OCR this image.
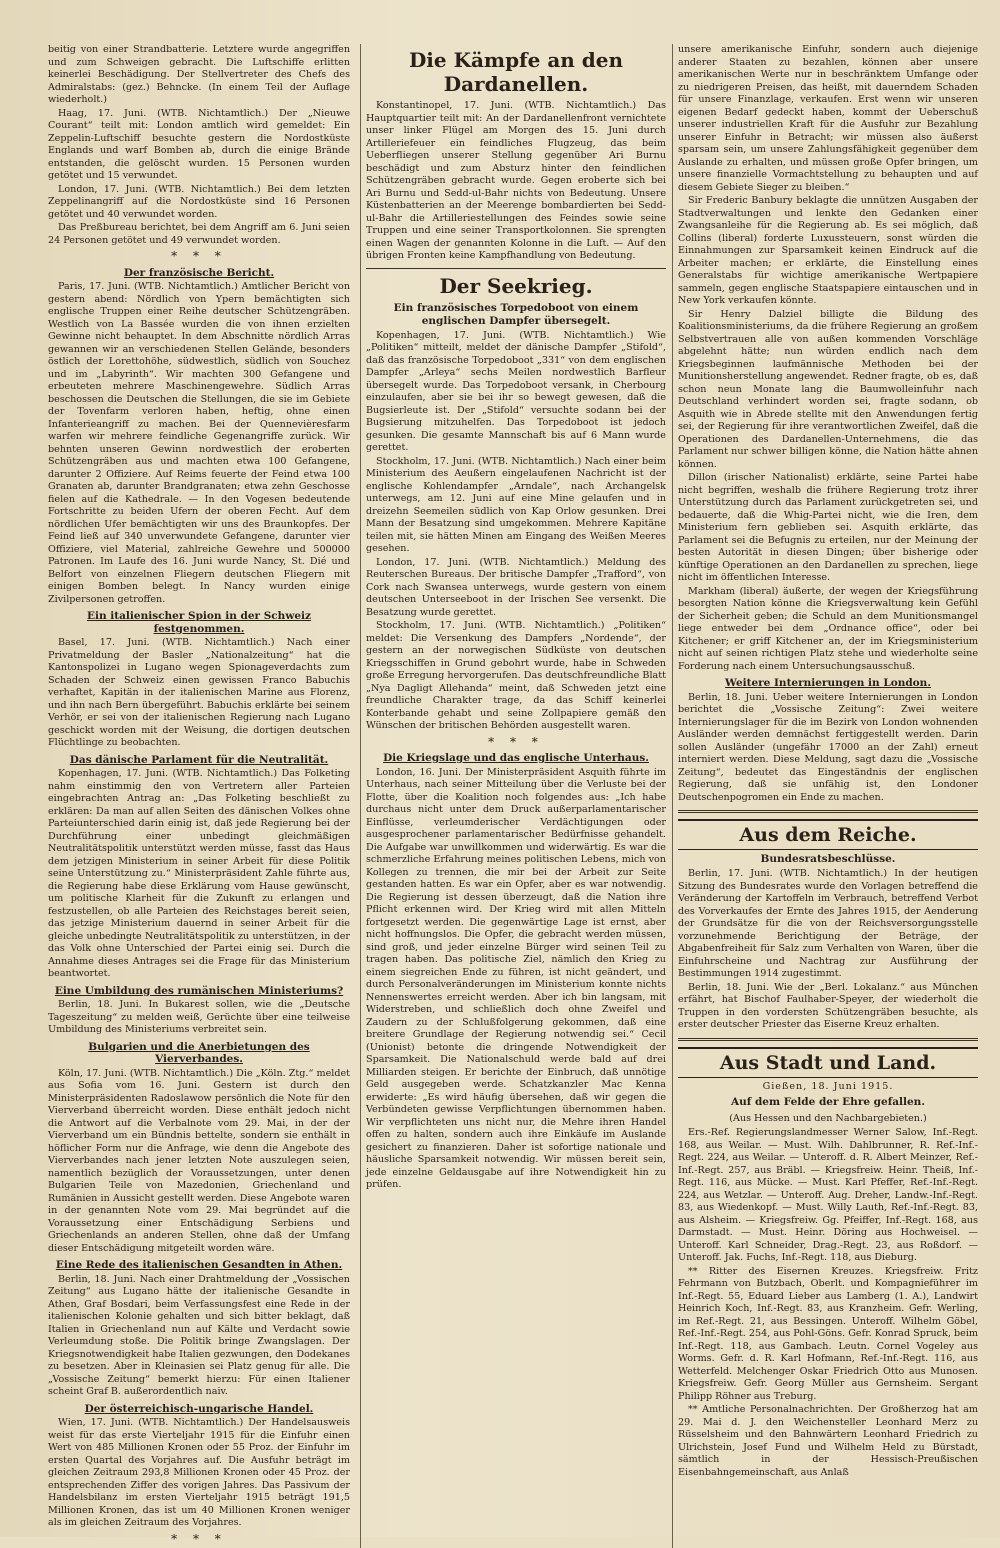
beitig von einer Strandbatterie. Letztere wurde angegriffen und zum Schweigen gebracht. Die Luftschiffe erlitten keinerlei Beschädigung. Der Stellvertreter des Chefs des Admiralstabs: (gez.) Behncke. (In einem Teil der Auflage wiederholt.)

Haag, 17. Juni. (WTB. Nichtamtlich.) Der „Nieuwe Courant“ teilt mit: London amtlich wird gemeldet: Ein Zeppelin-Luftschiff besuchte gestern die Nordostküste Englands und warf Bomben ab, durch die einige Brände entstanden, die gelöscht wurden. 15 Personen wurden getötet und 15 verwundet.

London, 17. Juni. (WTB. Nichtamtlich.) Bei dem letzten Zeppelinangriff auf die Nordostküste sind 16 Personen getötet und 40 verwundet worden.

Das Preßbureau berichtet, bei dem Angriff am 6. Juni seien 24 Personen getötet und 49 verwundet worden.

* * *
Der französische Bericht.

Paris, 17. Juni. (WTB. Nichtamtlich.) Amtlicher Bericht von gestern abend: Nördlich von Ypern bemächtigten sich englische Truppen einer Reihe deutscher Schützengräben. Westlich von La Bassée wurden die von ihnen erzielten Gewinne nicht behauptet. In dem Abschnitte nördlich Arras gewannen wir an verschiedenen Stellen Gelände, besonders östlich der Lorettohöhe, südwestlich, südlich von Souchez und im „Labyrinth“. Wir machten 300 Gefangene und erbeuteten mehrere Maschinengewehre. Südlich Arras beschossen die Deutschen die Stellungen, die sie im Gebiete der Tovenfarm verloren haben, heftig, ohne einen Infanterieangriff zu machen. Bei der Quennevièresfarm warfen wir mehrere feindliche Gegenangriffe zurück. Wir behnten unseren Gewinn nordwestlich der eroberten Schützengräben aus und machten etwa 100 Gefangene, darunter 2 Offiziere. Auf Reims feuerte der Feind etwa 100 Granaten ab, darunter Brandgranaten; etwa zehn Geschosse fielen auf die Kathedrale. — In den Vogesen bedeutende Fortschritte zu beiden Ufern der oberen Fecht. Auf dem nördlichen Ufer bemächtigten wir uns des Braunkopfes. Der Feind ließ auf 340 unverwundete Gefangene, darunter vier Offiziere, viel Material, zahlreiche Gewehre und 500000 Patronen. Im Laufe des 16. Juni wurde Nancy, St. Dié und Belfort von einzelnen Fliegern deutschen Fliegern mit einigen Bomben belegt. In Nancy wurden einige Zivilpersonen getroffen.

Ein italienischer Spion in der Schweiz festgenommen.

Basel, 17. Juni. (WTB. Nichtamtlich.) Nach einer Privatmeldung der Basler „Nationalzeitung“ hat die Kantonspolizei in Lugano wegen Spionageverdachts zum Schaden der Schweiz einen gewissen Franco Babuchis verhaftet, Kapitän in der italienischen Marine aus Florenz, und ihn nach Bern übergeführt. Babuchis erklärte bei seinem Verhör, er sei von der italienischen Regierung nach Lugano geschickt worden mit der Weisung, die dortigen deutschen Flüchtlinge zu beobachten.

Das dänische Parlament für die Neutralität.

Kopenhagen, 17. Juni. (WTB. Nichtamtlich.) Das Folketing nahm einstimmig den von Vertretern aller Parteien eingebrachten Antrag an: „Das Folketing beschließt zu erklären: Da man auf allen Seiten des dänischen Volkes ohne Parteiunterschied darin einig ist, daß jede Regierung bei der Durchführung einer unbedingt gleichmäßigen Neutralitätspolitik unterstützt werden müsse, fasst das Haus dem jetzigen Ministerium in seiner Arbeit für diese Politik seine Unterstützung zu.“ Ministerpräsident Zahle führte aus, die Regierung habe diese Erklärung vom Hause gewünscht, um politische Klarheit für die Zukunft zu erlangen und festzustellen, ob alle Parteien des Reichstages bereit seien, das jetzige Ministerium dauernd in seiner Arbeit für die gleiche unbedingte Neutralitätspolitik zu unterstützen, in der das Volk ohne Unterschied der Partei einig sei. Durch die Annahme dieses Antrages sei die Frage für das Ministerium beantwortet.

Eine Umbildung des rumänischen Ministeriums?

Berlin, 18. Juni. In Bukarest sollen, wie die „Deutsche Tageszeitung“ zu melden weiß, Gerüchte über eine teilweise Umbildung des Ministeriums verbreitet sein.

Bulgarien und die Anerbietungen des Vierverbandes.

Köln, 17. Juni. (WTB. Nichtamtlich.) Die „Köln. Ztg.“ meldet aus Sofia vom 16. Juni. Gestern ist durch den Ministerpräsidenten Radoslawow persönlich die Note für den Vierverband überreicht worden. Diese enthält jedoch nicht die Antwort auf die Verbalnote vom 29. Mai, in der der Vierverband um ein Bündnis bettelte, sondern sie enthält in höflicher Form nur die Anfrage, wie denn die Angebote des Vierverbandes nach jener letzten Note auszulegen seien, namentlich bezüglich der Voraussetzungen, unter denen Bulgarien Teile von Mazedonien, Griechenland und Rumänien in Aussicht gestellt werden. Diese Angebote waren in der genannten Note vom 29. Mai begründet auf die Voraussetzung einer Entschädigung Serbiens und Griechenlands an anderen Stellen, ohne daß der Umfang dieser Entschädigung mitgeteilt worden wäre.

Eine Rede des italienischen Gesandten in Athen.

Berlin, 18. Juni. Nach einer Drahtmeldung der „Vossischen Zeitung“ aus Lugano hätte der italienische Gesandte in Athen, Graf Bosdari, beim Verfassungsfest eine Rede in der italienischen Kolonie gehalten und sich bitter beklagt, daß Italien in Griechenland nun auf Kälte und Verdacht sowie Verleumdung stoße. Die Politik bringe Zwangslagen. Der Kriegsnotwendigkeit habe Italien gezwungen, den Dodekanes zu besetzen. Aber in Kleinasien sei Platz genug für alle. Die „Vossische Zeitung“ bemerkt hierzu: Für einen Italiener scheint Graf B. außerordentlich naiv.

Der österreichisch-ungarische Handel.

Wien, 17. Juni. (WTB. Nichtamtlich.) Der Handelsausweis weist für das erste Vierteljahr 1915 für die Einfuhr einen Wert von 485 Millionen Kronen oder 55 Proz. der Einfuhr im ersten Quartal des Vorjahres auf. Die Ausfuhr beträgt im gleichen Zeitraum 293,8 Millionen Kronen oder 45 Proz. der entsprechenden Ziffer des vorigen Jahres. Das Passivum der Handelsbilanz im ersten Vierteljahr 1915 beträgt 191,5 Millionen Kronen, das ist um 40 Millionen Kronen weniger als im gleichen Zeitraum des Vorjahres.

* * *
Die Kämpfe an den Dardanellen.

Konstantinopel, 17. Juni. (WTB. Nichtamtlich.) Das Hauptquartier teilt mit: An der Dardanellenfront vernichtete unser linker Flügel am Morgen des 15. Juni durch Artilleriefeuer ein feindliches Flugzeug, das beim Ueberfliegen unserer Stellung gegenüber Ari Burnu beschädigt und zum Absturz hinter den feindlichen Schützengräben gebracht wurde. Gegen eroberte sich bei Ari Burnu und Sedd-ul-Bahr nichts von Bedeutung. Unsere Küstenbatterien an der Meerenge bombardierten bei Sedd-ul-Bahr die Artilleriestellungen des Feindes sowie seine Truppen und eine seiner Transportkolonnen. Sie sprengten einen Wagen der genannten Kolonne in die Luft. — Auf den übrigen Fronten keine Kampfhandlung von Bedeutung.

Der Seekrieg.
Ein französisches Torpedoboot von einem englischen Dampfer übersegelt.

Kopenhagen, 17. Juni. (WTB. Nichtamtlich.) Wie „Politiken“ mitteilt, meldet der dänische Dampfer „Stifold“, daß das französische Torpedoboot „331“ von dem englischen Dampfer „Arleya“ sechs Meilen nordwestlich Barfleur übersegelt wurde. Das Torpedoboot versank, in Cherbourg einzulaufen, aber sie bei ihr so bewegt gewesen, daß die Bugsierleute ist. Der „Stifold“ versuchte sodann bei der Bugsierung mitzuhelfen. Das Torpedoboot ist jedoch gesunken. Die gesamte Mannschaft bis auf 6 Mann wurde gerettet.

Stockholm, 17. Juni. (WTB. Nichtamtlich.) Nach einer beim Ministerium des Aeußern eingelaufenen Nachricht ist der englische Kohlendampfer „Arndale“, nach Archangelsk unterwegs, am 12. Juni auf eine Mine gelaufen und in dreizehn Seemeilen südlich von Kap Orlow gesunken. Drei Mann der Besatzung sind umgekommen. Mehrere Kapitäne teilen mit, sie hätten Minen am Eingang des Weißen Meeres gesehen.

London, 17. Juni. (WTB. Nichtamtlich.) Meldung des Reuterschen Bureaus. Der britische Dampfer „Trafford“, von Cork nach Swansea unterwegs, wurde gestern von einem deutschen Unterseeboot in der Irischen See versenkt. Die Besatzung wurde gerettet.

Stockholm, 17. Juni. (WTB. Nichtamtlich.) „Politiken“ meldet: Die Versenkung des Dampfers „Nordende“, der gestern an der norwegischen Südküste von deutschen Kriegsschiffen in Grund gebohrt wurde, habe in Schweden große Erregung hervorgerufen. Das deutschfreundliche Blatt „Nya Dagligt Allehanda“ meint, daß Schweden jetzt eine freundliche Charakter trage, da das Schiff keinerlei Konterbande gehabt und seine Zollpapiere gemäß den Wünschen der britischen Behörden ausgestellt waren.

* * *
Die Kriegslage und das englische Unterhaus.

London, 16. Juni. Der Ministerpräsident Asquith führte im Unterhaus, nach seiner Mitteilung über die Verluste bei der Flotte, über die Koalition noch folgendes aus: „Ich habe durchaus nicht unter dem Druck außerparlamentarischer Einflüsse, verleumderischer Verdächtigungen oder ausgesprochener parlamentarischer Bedürfnisse gehandelt. Die Aufgabe war unwillkommen und widerwärtig. Es war die schmerzliche Erfahrung meines politischen Lebens, mich von Kollegen zu trennen, die mir bei der Arbeit zur Seite gestanden hatten. Es war ein Opfer, aber es war notwendig. Die Regierung ist dessen überzeugt, daß die Nation ihre Pflicht erkennen wird. Der Krieg wird mit allen Mitteln fortgesetzt werden. Die gegenwärtige Lage ist ernst, aber nicht hoffnungslos. Die Opfer, die gebracht werden müssen, sind groß, und jeder einzelne Bürger wird seinen Teil zu tragen haben. Das politische Ziel, nämlich den Krieg zu einem siegreichen Ende zu führen, ist nicht geändert, und durch Personalveränderungen im Ministerium konnte nichts Nennenswertes erreicht werden. Aber ich bin langsam, mit Widerstreben, und schließlich doch ohne Zweifel und Zaudern zu der Schlußfolgerung gekommen, daß eine breitere Grundlage der Regierung notwendig sei.“ Cecil (Unionist) betonte die dringende Notwendigkeit der Sparsamkeit. Die Nationalschuld werde bald auf drei Milliarden steigen. Er berichte der Einbruch, daß unnötige Geld ausgegeben werde. Schatzkanzler Mac Kenna erwiderte: „Es wird häufig übersehen, daß wir gegen die Verbündeten gewisse Verpflichtungen übernommen haben. Wir verpflichteten uns nicht nur, die Mehre ihren Handel offen zu halten, sondern auch ihre Einkäufe im Auslande gesichert zu finanzieren. Daher ist sofortige nationale und häusliche Sparsamkeit notwendig. Wir müssen bereit sein, jede einzelne Geldausgabe auf ihre Notwendigkeit hin zu prüfen.

unsere amerikanische Einfuhr, sondern auch diejenige anderer Staaten zu bezahlen, können aber unsere amerikanischen Werte nur in beschränktem Umfange oder zu niedrigeren Preisen, das heißt, mit dauerndem Schaden für unsere Finanzlage, verkaufen. Erst wenn wir unseren eigenen Bedarf gedeckt haben, kommt der Ueberschuß unserer industriellen Kraft für die Ausfuhr zur Bezahlung unserer Einfuhr in Betracht; wir müssen also äußerst sparsam sein, um unsere Zahlungsfähigkeit gegenüber dem Auslande zu erhalten, und müssen große Opfer bringen, um unsere finanzielle Vormachtstellung zu behaupten und auf diesem Gebiete Sieger zu bleiben.“

Sir Frederic Banbury beklagte die unnützen Ausgaben der Stadtverwaltungen und lenkte den Gedanken einer Zwangsanleihe für die Regierung ab. Es sei möglich, daß Collins (liberal) forderte Luxussteuern, sonst würden die Einnahmungen zur Sparsamkeit keinen Eindruck auf die Arbeiter machen; er erklärte, die Einstellung eines Generalstabs für wichtige amerikanische Wertpapiere sammeln, gegen englische Staatspapiere eintauschen und in New York verkaufen könnte.

Sir Henry Dalziel billigte die Bildung des Koalitionsministeriums, da die frühere Regierung an großem Selbstvertrauen alle von außen kommenden Vorschläge abgelehnt hätte; nun würden endlich nach dem Kriegsbeginnen laufmännische Methoden bei der Munitionsherstellung angewendet. Redner fragte, ob es, daß schon neun Monate lang die Baumwolleinfuhr nach Deutschland verhindert worden sei, fragte sodann, ob Asquith wie in Abrede stellte mit den Anwendungen fertig sei, der Regierung für ihre verantwortlichen Zweifel, daß die Operationen des Dardanellen-Unternehmens, die das Parlament nur schwer billigen könne, die Nation hätte ahnen können.

Dillon (irischer Nationalist) erklärte, seine Partei habe nicht begriffen, weshalb die frühere Regierung trotz ihrer Unterstützung durch das Parlament zurückgetreten sei, und bedauerte, daß die Whig-Partei nicht, wie die Iren, dem Ministerium fern geblieben sei. Asquith erklärte, das Parlament sei die Befugnis zu erteilen, nur der Meinung der besten Autorität in diesen Dingen; über bisherige oder künftige Operationen an den Dardanellen zu sprechen, liege nicht im öffentlichen Interesse.

Markham (liberal) äußerte, der wegen der Kriegsführung besorgten Nation könne die Kriegsverwaltung kein Gefühl der Sicherheit geben; die Schuld an dem Munitionsmangel liege entweder bei dem „Ordnance office“, oder bei Kitchener; er griff Kitchener an, der im Kriegsministerium nicht auf seinen richtigen Platz stehe und wiederholte seine Forderung nach einem Untersuchungsausschuß.

Weitere Internierungen in London.

Berlin, 18. Juni. Ueber weitere Internierungen in London berichtet die „Vossische Zeitung“: Zwei weitere Internierungslager für die im Bezirk von London wohnenden Ausländer werden demnächst fertiggestellt werden. Darin sollen Ausländer (ungefähr 17000 an der Zahl) erneut interniert werden. Diese Meldung, sagt dazu die „Vossische Zeitung“, bedeutet das Eingeständnis der englischen Regierung, daß sie unfähig ist, den Londoner Deutschenpogromen ein Ende zu machen.

Aus dem Reiche.
Bundesratsbeschlüsse.

Berlin, 17. Juni. (WTB. Nichtamtlich.) In der heutigen Sitzung des Bundesrates wurde den Vorlagen betreffend die Veränderung der Kartoffeln im Verbrauch, betreffend Verbot des Vorverkaufes der Ernte des Jahres 1915, der Aenderung der Grundsätze für die von der Reichsversorgungsstelle vorzunehmende Berichtigung der Beträge, der Abgabenfreiheit für Salz zum Verhalten von Waren, über die Einfuhrscheine und Nachtrag zur Ausführung der Bestimmungen 1914 zugestimmt.

Berlin, 18. Juni. Wie der „Berl. Lokalanz.“ aus München erfährt, hat Bischof Faulhaber-Speyer, der wiederholt die Truppen in den vordersten Schützengräben besuchte, als erster deutscher Priester das Eiserne Kreuz erhalten.

Aus Stadt und Land.
Gießen, 18. Juni 1915.
Auf dem Felde der Ehre gefallen.
(Aus Hessen und den Nachbargebieten.)

Ers.-Ref. Regierungslandmesser Werner Salow, Inf.-Regt. 168, aus Weilar. — Must. Wilh. Dahlbrunner, R. Ref.-Inf.-Regt. 224, aus Weilar. — Unteroff. d. R. Albert Meinzer, Ref.-Inf.-Regt. 257, aus Bräbl. — Kriegsfreiw. Heinr. Theiß, Inf.-Regt. 116, aus Mücke. — Must. Karl Pfeffer, Ref.-Inf.-Regt. 224, aus Wetzlar. — Unteroff. Aug. Dreher, Landw.-Inf.-Regt. 83, aus Wiedenkopf. — Must. Willy Lauth, Ref.-Inf.-Regt. 83, aus Alsheim. — Kriegsfreiw. Gg. Pfeiffer, Inf.-Regt. 168, aus Darmstadt. — Must. Heinr. Döring aus Hochweisel. — Unteroff. Karl Schneider, Drag.-Regt. 23, aus Roßdorf. — Unteroff. Jak. Fuchs, Inf.-Regt. 118, aus Dieburg.

** Ritter des Eisernen Kreuzes. Kriegsfreiw. Fritz Fehrmann von Butzbach, Oberlt. und Kompagnieführer im Inf.-Regt. 55, Eduard Lieber aus Lamberg (1. A.), Landwirt Heinrich Koch, Inf.-Regt. 83, aus Kranzheim. Gefr. Werling, im Ref.-Regt. 21, aus Bessingen. Unteroff. Wilhelm Göbel, Ref.-Inf.-Regt. 254, aus Pohl-Göns. Gefr. Konrad Spruck, beim Inf.-Regt. 118, aus Gambach. Leutn. Cornel Vogeley aus Worms. Gefr. d. R. Karl Hofmann, Ref.-Inf.-Regt. 116, aus Wetterfeld. Melchenger Oskar Friedrich Otto aus Munosen. Kriegsfreiw. Gefr. Georg Müller aus Gernsheim. Sergant Philipp Röhner aus Treburg.

** Amtliche Personalnachrichten. Der Großherzog hat am 29. Mai d. J. den Weichensteller Leonhard Merz zu Rüsselsheim und den Bahnwärtern Leonhard Friedrich zu Ulrichstein, Josef Fund und Wilhelm Held zu Bürstadt, sämtlich in der Hessisch-Preußischen Eisenbahngemeinschaft, aus Anlaß
